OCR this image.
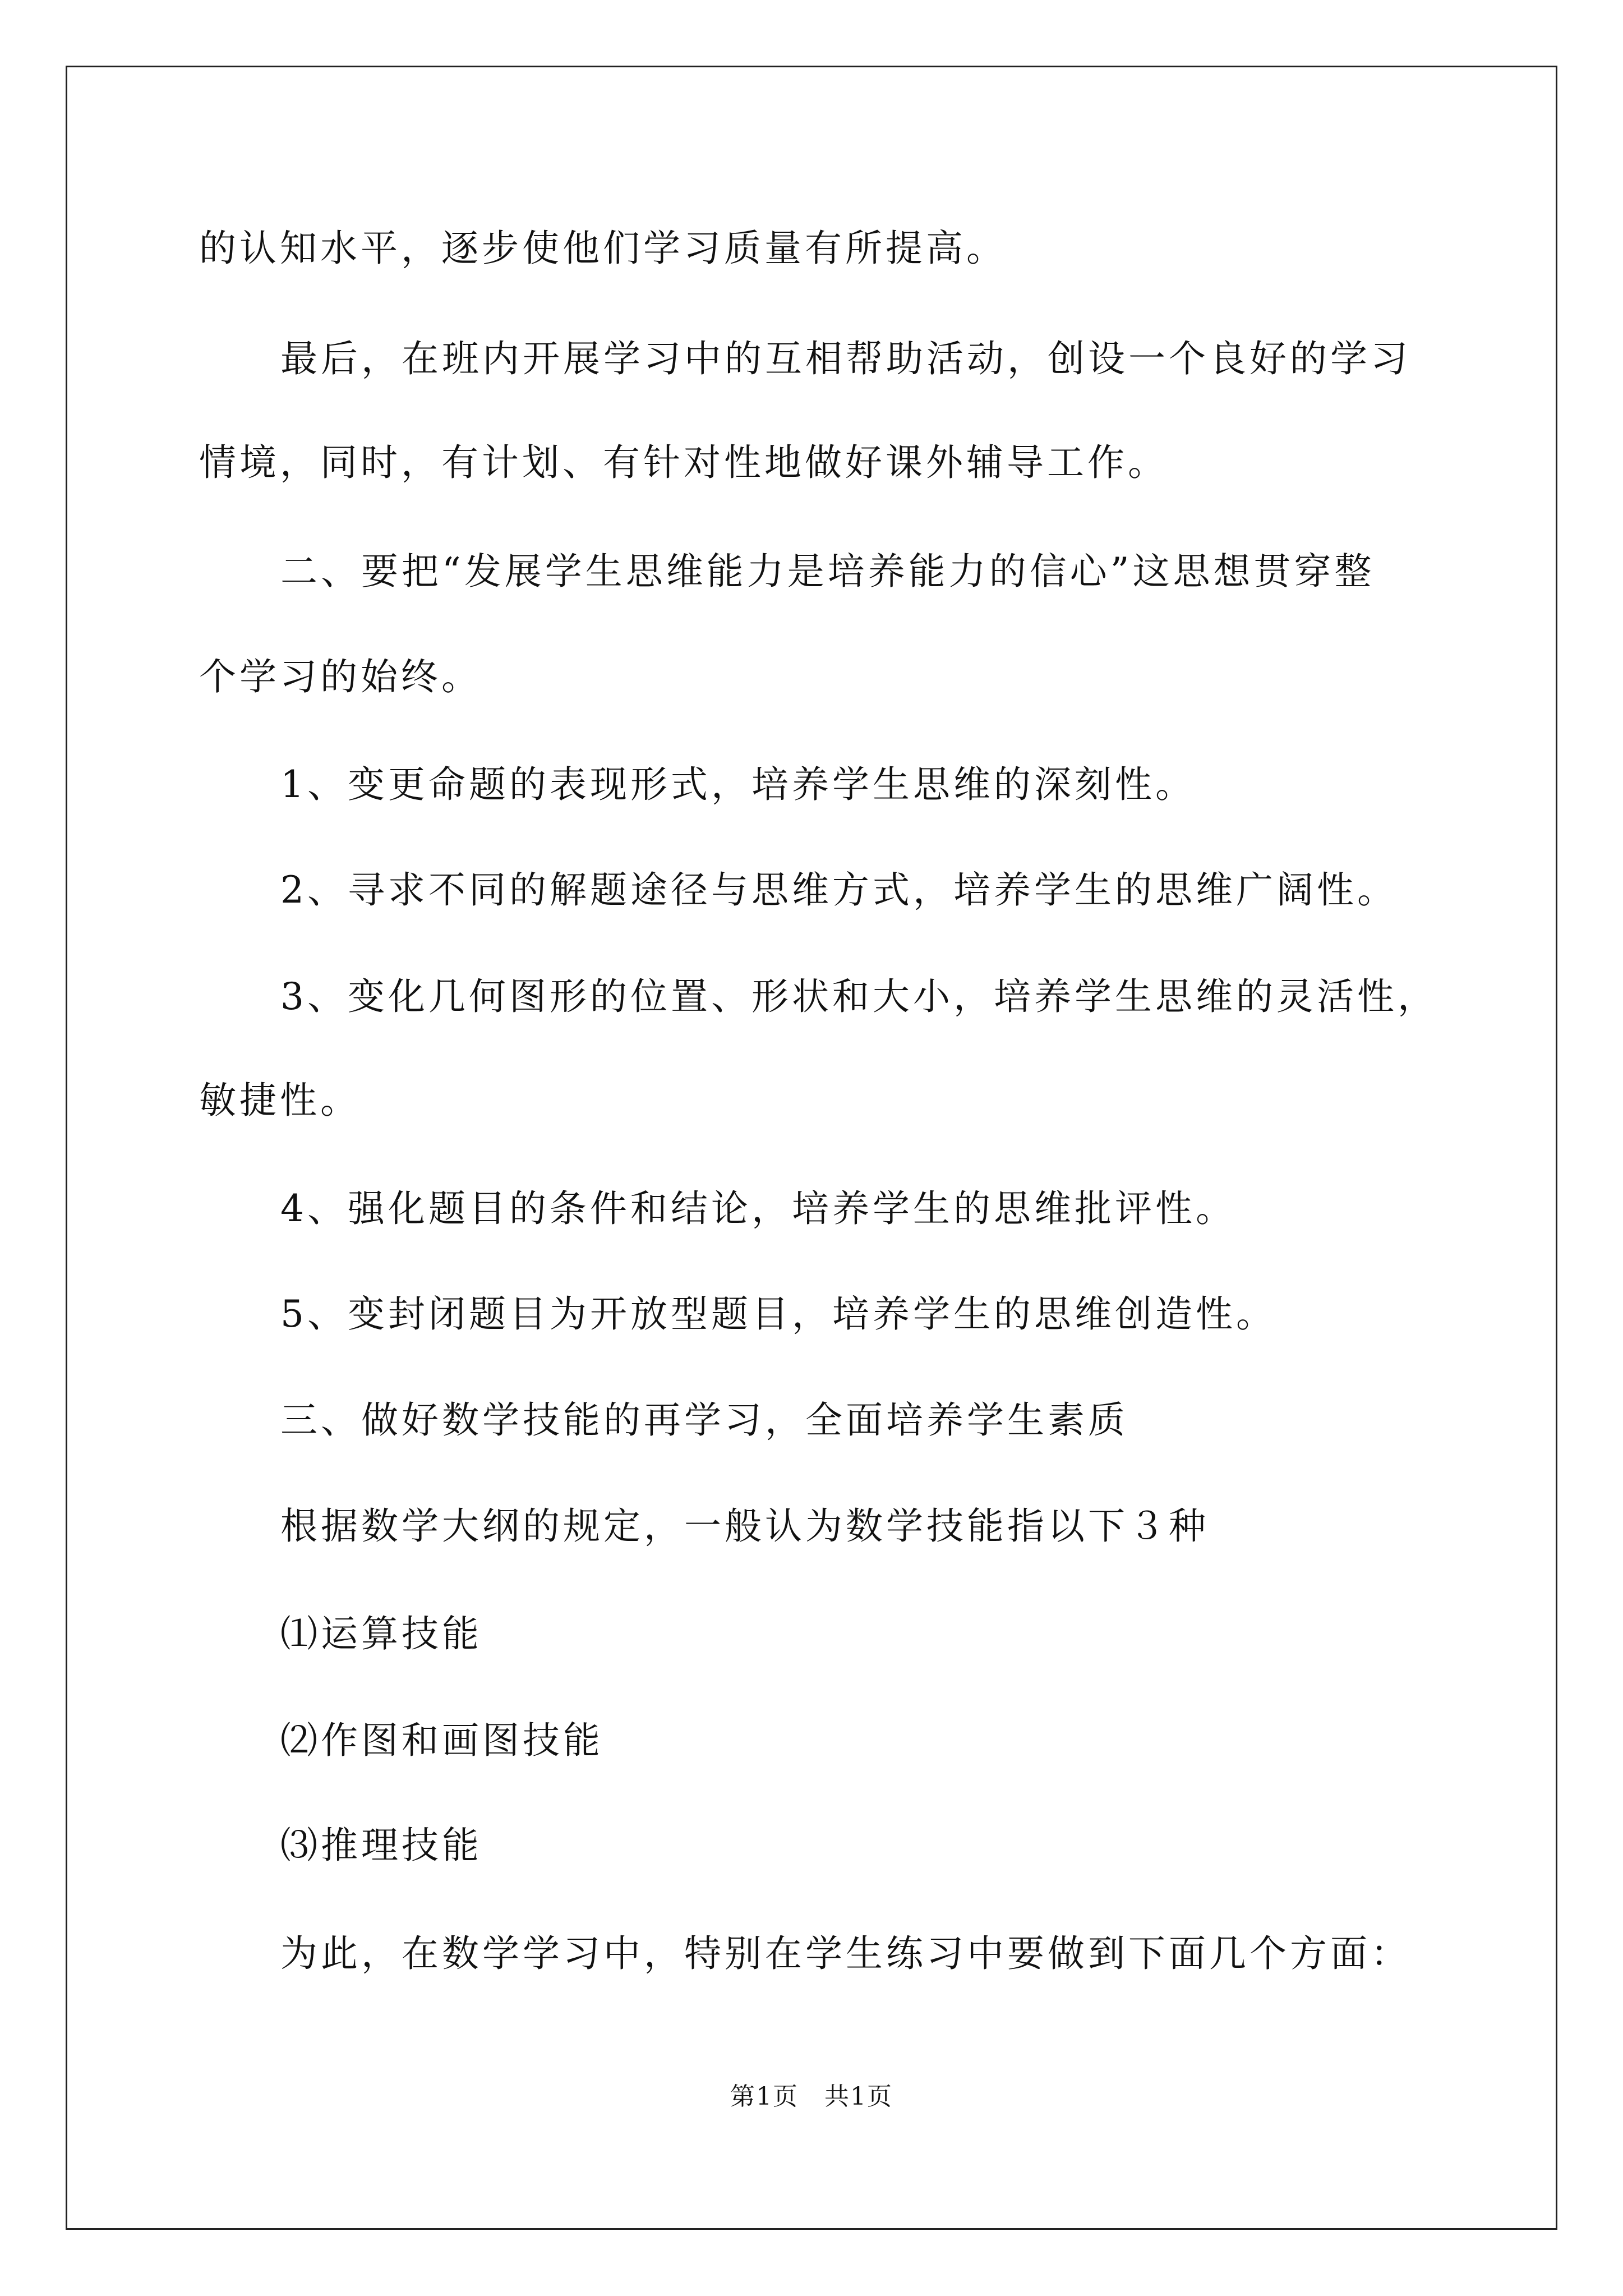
的认知水平，逐步使他们学习质量有所提高。
最后，在班内开展学习中的互相帮助活动，创设一个良好的学习
情境，同时，有计划、有针对性地做好课外辅导工作。
二、要把“发展学生思维能力是培养能力的信心”这思想贯穿整
个学习的始终。
1、变更命题的表现形式，培养学生思维的深刻性。
2、寻求不同的解题途径与思维方式，培养学生的思维广阔性。
3、变化几何图形的位置、形状和大小，培养学生思维的灵活性，
敏捷性。
4、强化题目的条件和结论，培养学生的思维批评性。
5、变封闭题目为开放型题目，培养学生的思维创造性。
三、做好数学技能的再学习，全面培养学生素质
根据数学大纲的规定，一般认为数学技能指以下３种
⑴运算技能
⑵作图和画图技能
⑶推理技能
为此，在数学学习中，特别在学生练习中要做到下面几个方面：
第1页　共1页
